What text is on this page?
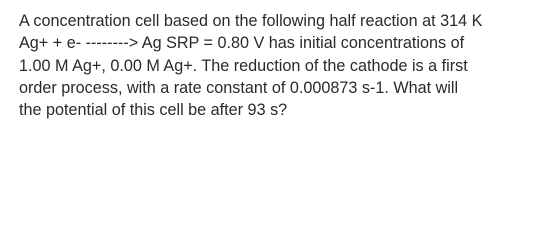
A concentration cell based on the following half reaction at 314 K
Ag+ + e- --------> Ag SRP = 0.80 V has initial concentrations of
1.00 M Ag+, 0.00 M Ag+. The reduction of the cathode is a first
order process, with a rate constant of 0.000873 s-1. What will
the potential of this cell be after 93 s?
